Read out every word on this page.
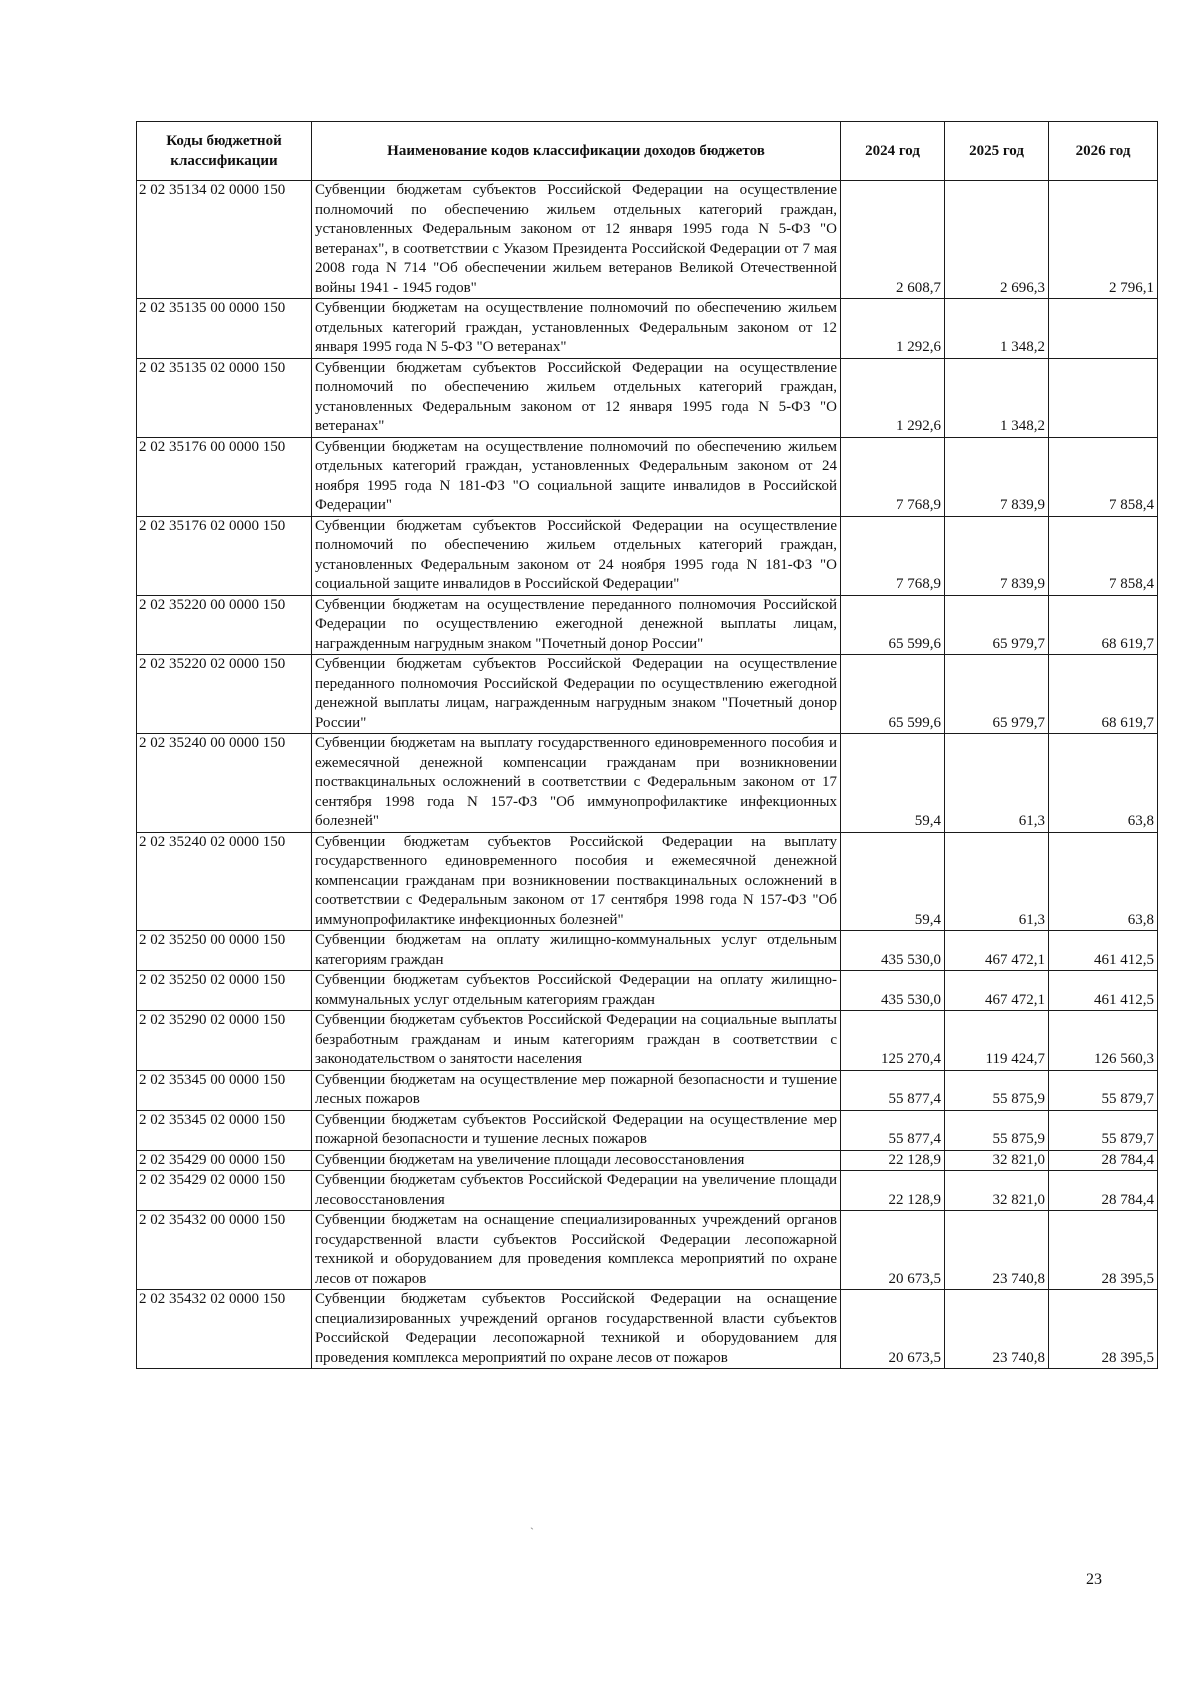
Коды бюджетной классификации	Наименование кодов классификации доходов бюджетов	2024 год	2025 год	2026 год
2 02 35134 02 0000 150	Субвенции бюджетам субъектов Российской Федерации на осуществление полномочий по обеспечению жильем отдельных категорий граждан, установленных Федеральным законом от 12 января 1995 года N 5-ФЗ "О ветеранах", в соответствии с Указом Президента Российской Федерации от 7 мая 2008 года N 714 "Об обеспечении жильем ветеранов Великой Отечественной войны 1941 - 1945 годов"	2 608,7	2 696,3	2 796,1
2 02 35135 00 0000 150	Субвенции бюджетам на осуществление полномочий по обеспечению жильем отдельных категорий граждан, установленных Федеральным законом от 12 января 1995 года N 5-ФЗ "О ветеранах"	1 292,6	1 348,2	
2 02 35135 02 0000 150	Субвенции бюджетам субъектов Российской Федерации на осуществление полномочий по обеспечению жильем отдельных категорий граждан, установленных Федеральным законом от 12 января 1995 года N 5-ФЗ "О ветеранах"	1 292,6	1 348,2	
2 02 35176 00 0000 150	Субвенции бюджетам на осуществление полномочий по обеспечению жильем отдельных категорий граждан, установленных Федеральным законом от 24 ноября 1995 года N 181-ФЗ "О социальной защите инвалидов в Российской Федерации"	7 768,9	7 839,9	7 858,4
2 02 35176 02 0000 150	Субвенции бюджетам субъектов Российской Федерации на осуществление полномочий по обеспечению жильем отдельных категорий граждан, установленных Федеральным законом от 24 ноября 1995 года N 181-ФЗ "О социальной защите инвалидов в Российской Федерации"	7 768,9	7 839,9	7 858,4
2 02 35220 00 0000 150	Субвенции бюджетам на осуществление переданного полномочия Российской Федерации по осуществлению ежегодной денежной выплаты лицам, награжденным нагрудным знаком "Почетный донор России"	65 599,6	65 979,7	68 619,7
2 02 35220 02 0000 150	Субвенции бюджетам субъектов Российской Федерации на осуществление переданного полномочия Российской Федерации по осуществлению ежегодной денежной выплаты лицам, награжденным нагрудным знаком "Почетный донор России"	65 599,6	65 979,7	68 619,7
2 02 35240 00 0000 150	Субвенции бюджетам на выплату государственного единовременного пособия и ежемесячной денежной компенсации гражданам при возникновении поствакцинальных осложнений в соответствии с Федеральным законом от 17 сентября 1998 года N 157-ФЗ "Об иммунопрофилактике инфекционных болезней"	59,4	61,3	63,8
2 02 35240 02 0000 150	Субвенции бюджетам субъектов Российской Федерации на выплату государственного единовременного пособия и ежемесячной денежной компенсации гражданам при возникновении поствакцинальных осложнений в соответствии с Федеральным законом от 17 сентября 1998 года N 157-ФЗ "Об иммунопрофилактике инфекционных болезней"	59,4	61,3	63,8
2 02 35250 00 0000 150	Субвенции бюджетам на оплату жилищно-коммунальных услуг отдельным категориям граждан	435 530,0	467 472,1	461 412,5
2 02 35250 02 0000 150	Субвенции бюджетам субъектов Российской Федерации на оплату жилищно-коммунальных услуг отдельным категориям граждан	435 530,0	467 472,1	461 412,5
2 02 35290 02 0000 150	Субвенции бюджетам субъектов Российской Федерации на социальные выплаты безработным гражданам и иным категориям граждан в соответствии с законодательством о занятости населения	125 270,4	119 424,7	126 560,3
2 02 35345 00 0000 150	Субвенции бюджетам на осуществление мер пожарной безопасности и тушение лесных пожаров	55 877,4	55 875,9	55 879,7
2 02 35345 02 0000 150	Субвенции бюджетам субъектов Российской Федерации на осуществление мер пожарной безопасности и тушение лесных пожаров	55 877,4	55 875,9	55 879,7
2 02 35429 00 0000 150	Субвенции бюджетам на увеличение площади лесовосстановления	22 128,9	32 821,0	28 784,4
2 02 35429 02 0000 150	Субвенции бюджетам субъектов Российской Федерации на увеличение площади лесовосстановления	22 128,9	32 821,0	28 784,4
2 02 35432 00 0000 150	Субвенции бюджетам на оснащение специализированных учреждений органов государственной власти субъектов Российской Федерации лесопожарной техникой и оборудованием для проведения комплекса мероприятий по охране лесов от пожаров	20 673,5	23 740,8	28 395,5
2 02 35432 02 0000 150	Субвенции бюджетам субъектов Российской Федерации на оснащение специализированных учреждений органов государственной власти субъектов Российской Федерации лесопожарной техникой и оборудованием для проведения комплекса мероприятий по охране лесов от пожаров	20 673,5	23 740,8	28 395,5
ˏ
23
